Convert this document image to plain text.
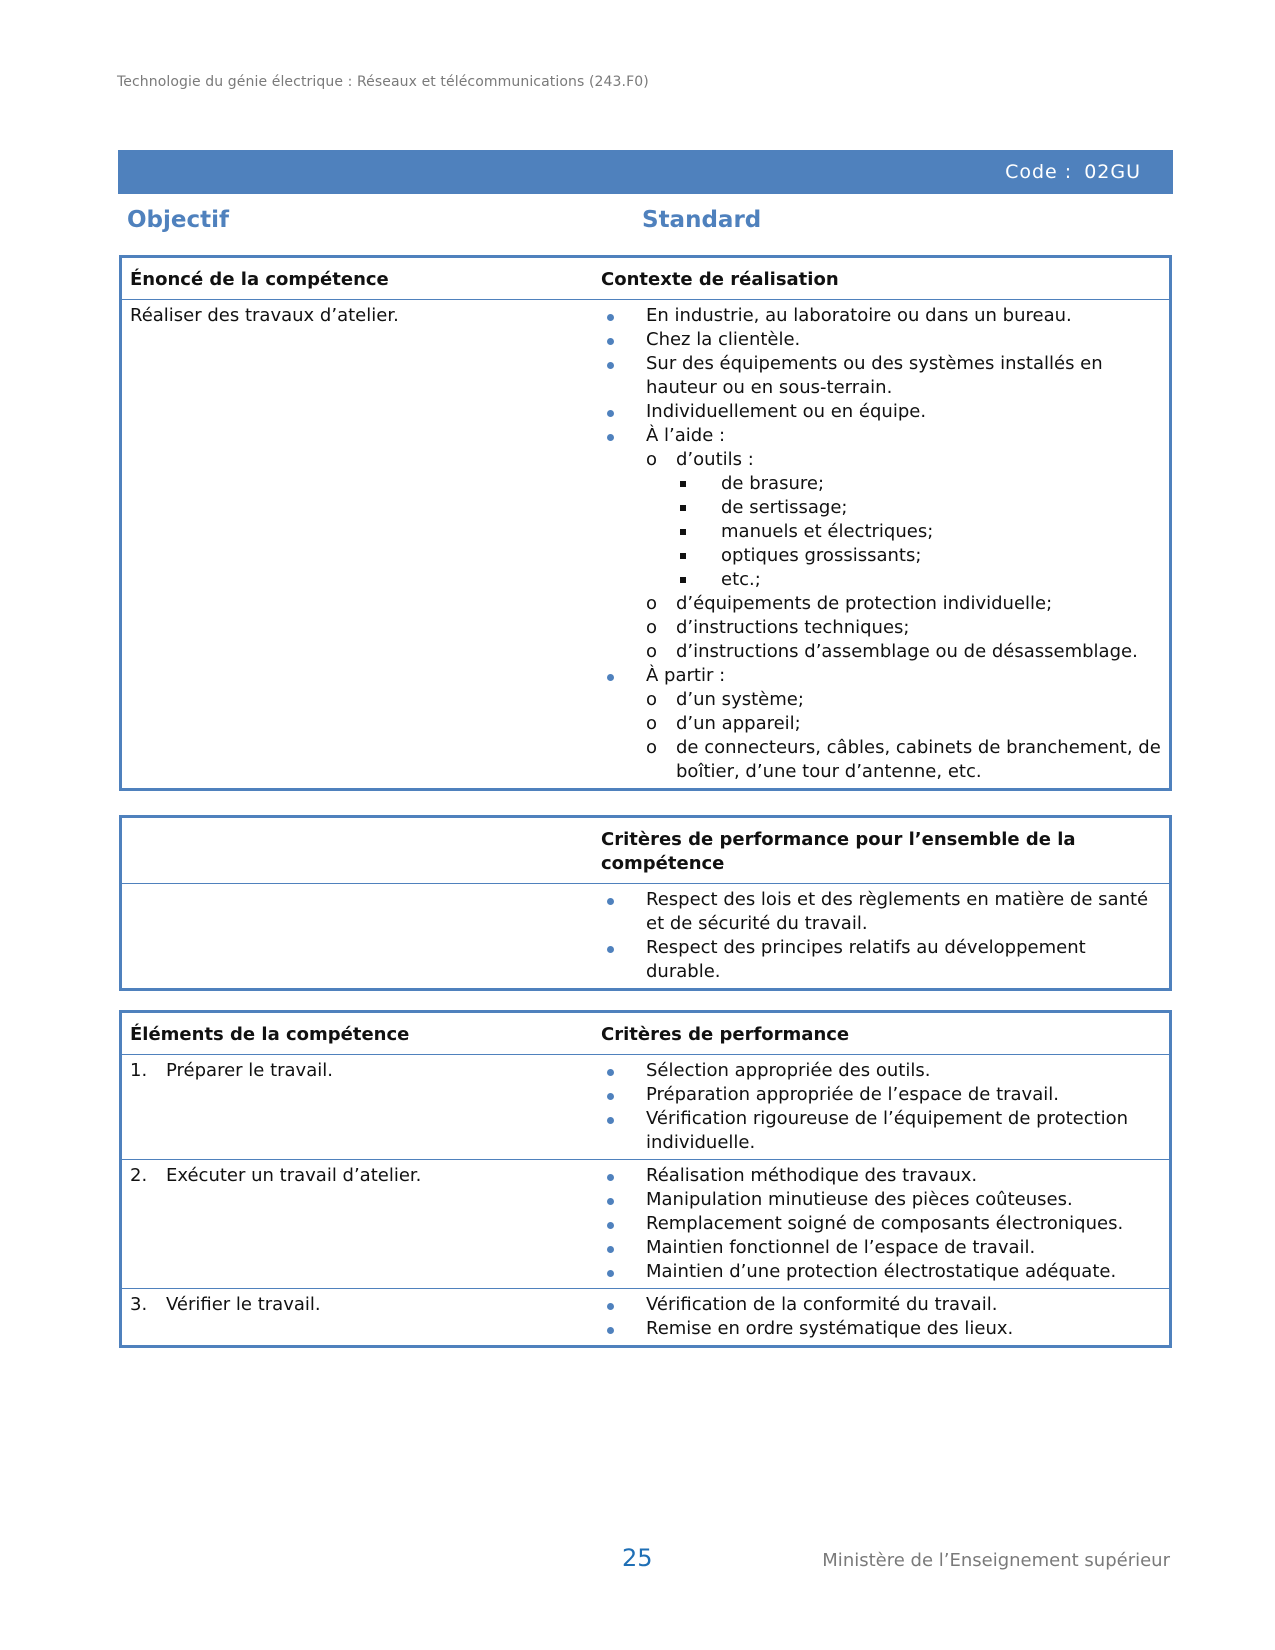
Technologie du génie électrique : Réseaux et télécommunications (243.F0)
Code : 02GU
Objectif	Standard
Énoncé de la compétence	Contexte de réalisation
Réaliser des travaux d’atelier.	En industrie, au laboratoire ou dans un bureau.
Chez la clientèle.
Sur des équipements ou des systèmes installés en hauteur ou en sous-terrain.
Individuellement ou en équipe.
À l’aide :
o d’outils :
de brasure;
de sertissage;
manuels et électriques;
optiques grossissants;
etc.;
o d’équipements de protection individuelle;
o d’instructions techniques;
o d’instructions d’assemblage ou de désassemblage.
À partir :
o d’un système;
o d’un appareil;
o de connecteurs, câbles, cabinets de branchement, de boîtier, d’une tour d’antenne, etc.
	Critères de performance pour l’ensemble de la compétence

Respect des lois et des règlements en matière de santé et de sécurité du travail.
Respect des principes relatifs au développement durable.
Éléments de la compétence	Critères de performance
1. Préparer le travail.	Sélection appropriée des outils.
Préparation appropriée de l’espace de travail.
Vérification rigoureuse de l’équipement de protection individuelle.

2. Exécuter un travail d’atelier.	Réalisation méthodique des travaux.
Manipulation minutieuse des pièces coûteuses.
Remplacement soigné de composants électroniques.
Maintien fonctionnel de l’espace de travail.
Maintien d’une protection électrostatique adéquate.

3. Vérifier le travail.	Vérification de la conformité du travail.
Remise en ordre systématique des lieux.
25	Ministère de l’Enseignement supérieur
